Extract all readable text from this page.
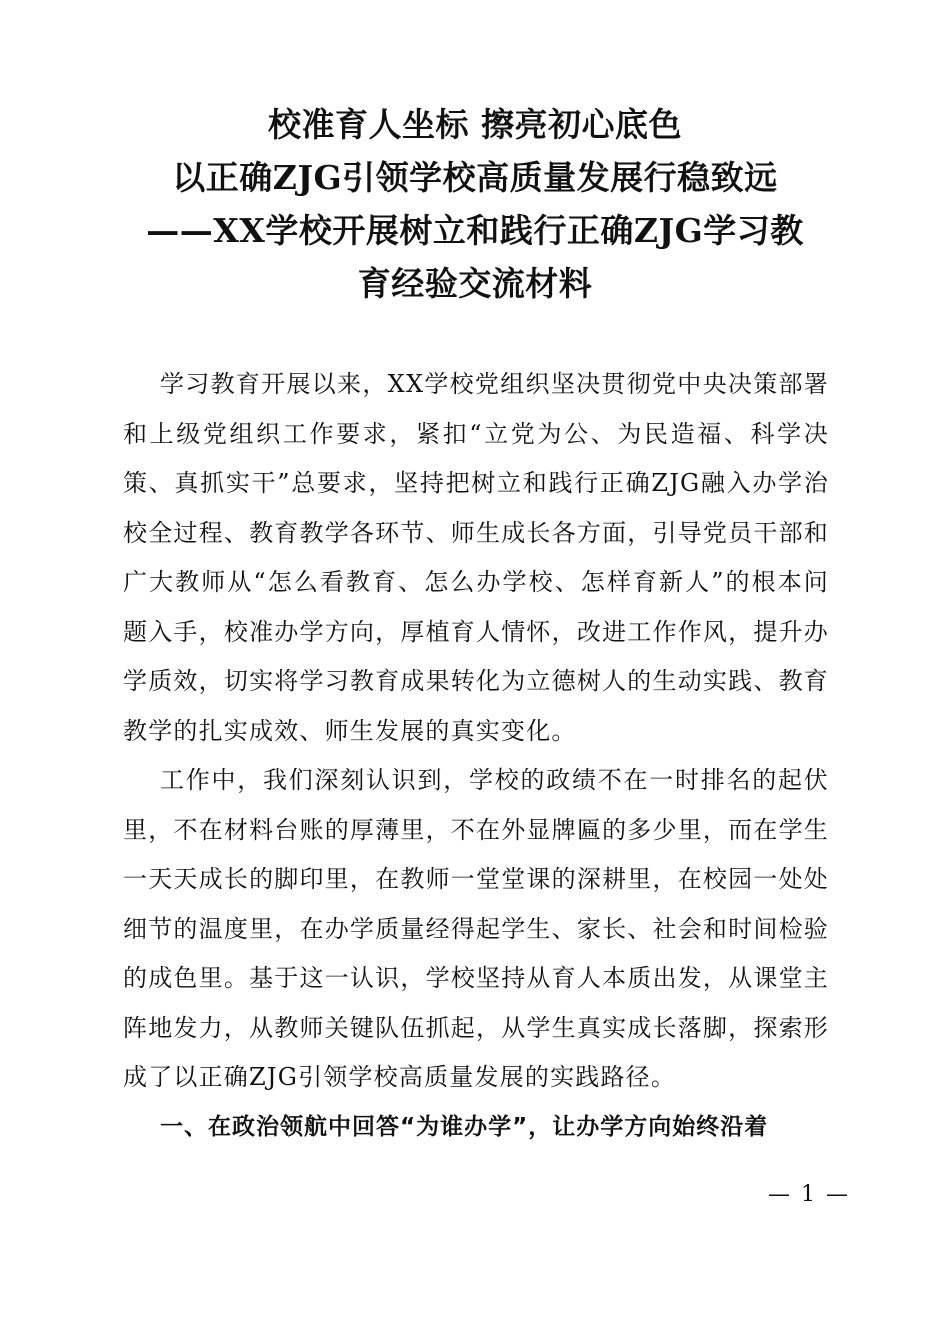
校准育人坐标 擦亮初心底色
以正确ZJG引领学校高质量发展行稳致远
——XX学校开展树立和践行正确ZJG学习教
育经验交流材料

学习教育开展以来，XX学校党组织坚决贯彻党中央决策部署和上级党组织工作要求，紧扣“立党为公、为民造福、科学决策、真抓实干”总要求，坚持把树立和践行正确ZJG融入办学治校全过程、教育教学各环节、师生成长各方面，引导党员干部和广大教师从“怎么看教育、怎么办学校、怎样育新人”的根本问题入手，校准办学方向，厚植育人情怀，改进工作作风，提升办学质效，切实将学习教育成果转化为立德树人的生动实践、教育教学的扎实成效、师生发展的真实变化。

工作中，我们深刻认识到，学校的政绩不在一时排名的起伏里，不在材料台账的厚薄里，不在外显牌匾的多少里，而在学生一天天成长的脚印里，在教师一堂堂课的深耕里，在校园一处处细节的温度里，在办学质量经得起学生、家长、社会和时间检验的成色里。基于这一认识，学校坚持从育人本质出发，从课堂主阵地发力，从教师关键队伍抓起，从学生真实成长落脚，探索形成了以正确ZJG引领学校高质量发展的实践路径。

一、在政治领航中回答“为谁办学”，让办学方向始终沿着

— 1 —
